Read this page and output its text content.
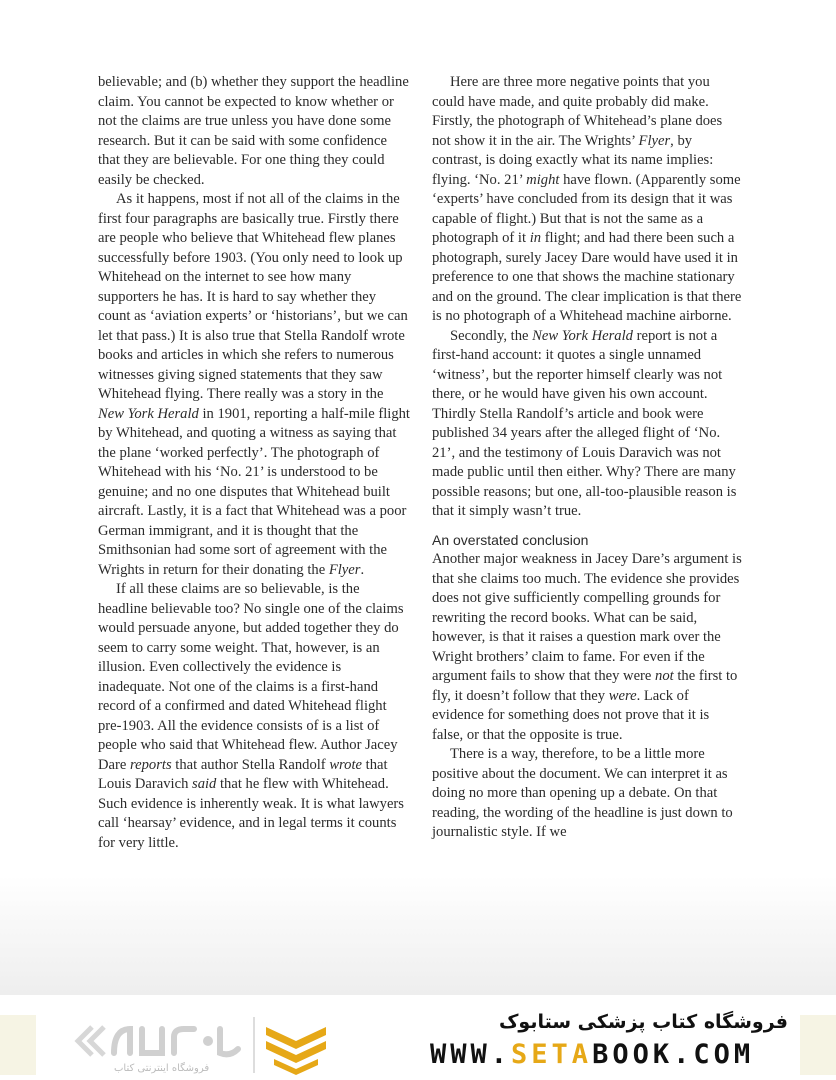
believable; and (b) whether they support the headline claim. You cannot be expected to know whether or not the claims are true unless you have done some research. But it can be said with some confidence that they are believable. For one thing they could easily be checked.

As it happens, most if not all of the claims in the first four paragraphs are basically true. Firstly there are people who believe that Whitehead flew planes successfully before 1903. (You only need to look up Whitehead on the internet to see how many supporters he has. It is hard to say whether they count as ‘aviation experts’ or ‘historians’, but we can let that pass.) It is also true that Stella Randolf wrote books and articles in which she refers to numerous witnesses giving signed statements that they saw Whitehead flying. There really was a story in the New York Herald in 1901, reporting a half-mile flight by Whitehead, and quoting a witness as saying that the plane ‘worked perfectly’. The photograph of Whitehead with his ‘No. 21’ is understood to be genuine; and no one disputes that Whitehead built aircraft. Lastly, it is a fact that Whitehead was a poor German immigrant, and it is thought that the Smithsonian had some sort of agreement with the Wrights in return for their donating the Flyer.

If all these claims are so believable, is the headline believable too? No single one of the claims would persuade anyone, but added together they do seem to carry some weight. That, however, is an illusion. Even collectively the evidence is inadequate. Not one of the claims is a first-hand record of a confirmed and dated Whitehead flight pre-1903. All the evidence consists of is a list of people who said that Whitehead flew. Author Jacey Dare reports that author Stella Randolf wrote that Louis Daravich said that he flew with Whitehead. Such evidence is inherently weak. It is what lawyers call ‘hearsay’ evidence, and in legal terms it counts for very little.

Here are three more negative points that you could have made, and quite probably did make. Firstly, the photograph of Whitehead’s plane does not show it in the air. The Wrights’ Flyer, by contrast, is doing exactly what its name implies: flying. ‘No. 21’ might have flown. (Apparently some ‘experts’ have concluded from its design that it was capable of flight.) But that is not the same as a photograph of it in flight; and had there been such a photograph, surely Jacey Dare would have used it in preference to one that shows the machine stationary and on the ground. The clear implication is that there is no photograph of a Whitehead machine airborne.

Secondly, the New York Herald report is not a first-hand account: it quotes a single unnamed ‘witness’, but the reporter himself clearly was not there, or he would have given his own account. Thirdly Stella Randolf’s article and book were published 34 years after the alleged flight of ‘No. 21’, and the testimony of Louis Daravich was not made public until then either. Why? There are many possible reasons; but one, all-too-plausible reason is that it simply wasn’t true.

An overstated conclusion

Another major weakness in Jacey Dare’s argument is that she claims too much. The evidence she provides does not give sufficiently compelling grounds for rewriting the record books. What can be said, however, is that it raises a question mark over the Wright brothers’ claim to fame. For even if the argument fails to show that they were not the first to fly, it doesn’t follow that they were. Lack of evidence for something does not prove that it is false, or that the opposite is true.

There is a way, therefore, to be a little more positive about the document. We can interpret it as doing no more than opening up a debate. On that reading, the wording of the headline is just down to journalistic style. If we

فروشگاه اینترنتی کتاب
فروشگاه کتاب پزشکی ستابوک
WWW.SETABOOK.COM
